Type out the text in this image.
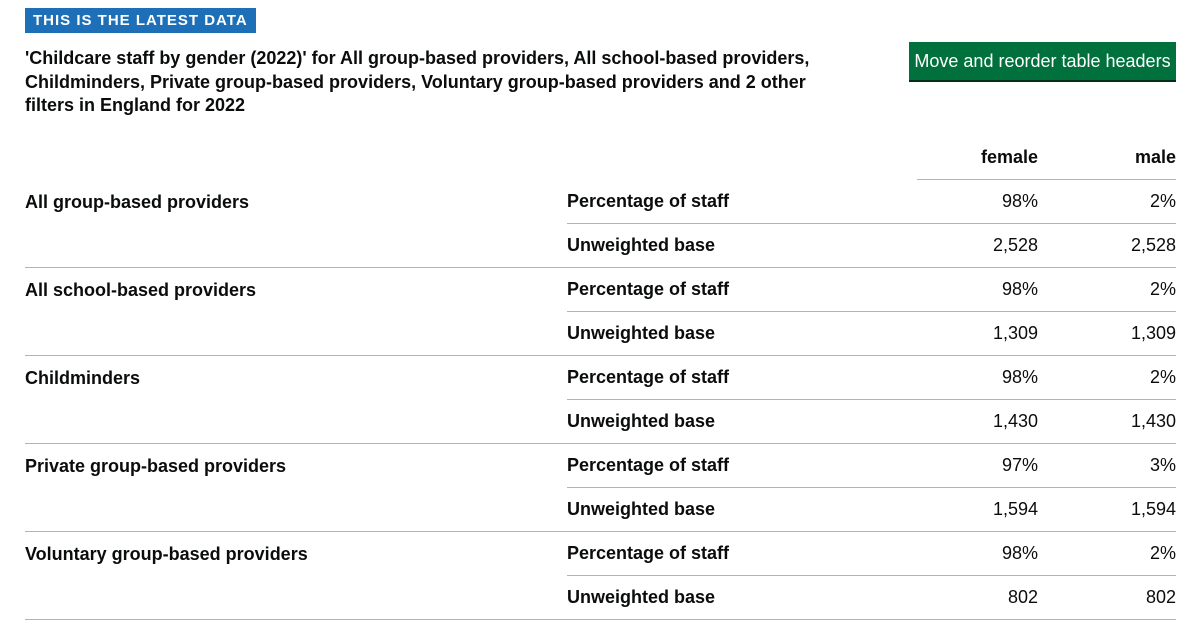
THIS IS THE LATEST DATA

'Childcare staff by gender (2022)' for All group-based providers, All school-based providers, Childminders, Private group-based providers, Voluntary group-based providers and 2 other filters in England for 2022

Move and reorder table headers
		female	male
All group-based providers	Percentage of staff	98%	2%
	Unweighted base	2,528	2,528
All school-based providers	Percentage of staff	98%	2%
	Unweighted base	1,309	1,309
Childminders	Percentage of staff	98%	2%
	Unweighted base	1,430	1,430
Private group-based providers	Percentage of staff	97%	3%
	Unweighted base	1,594	1,594
Voluntary group-based providers	Percentage of staff	98%	2%
	Unweighted base	802	802
